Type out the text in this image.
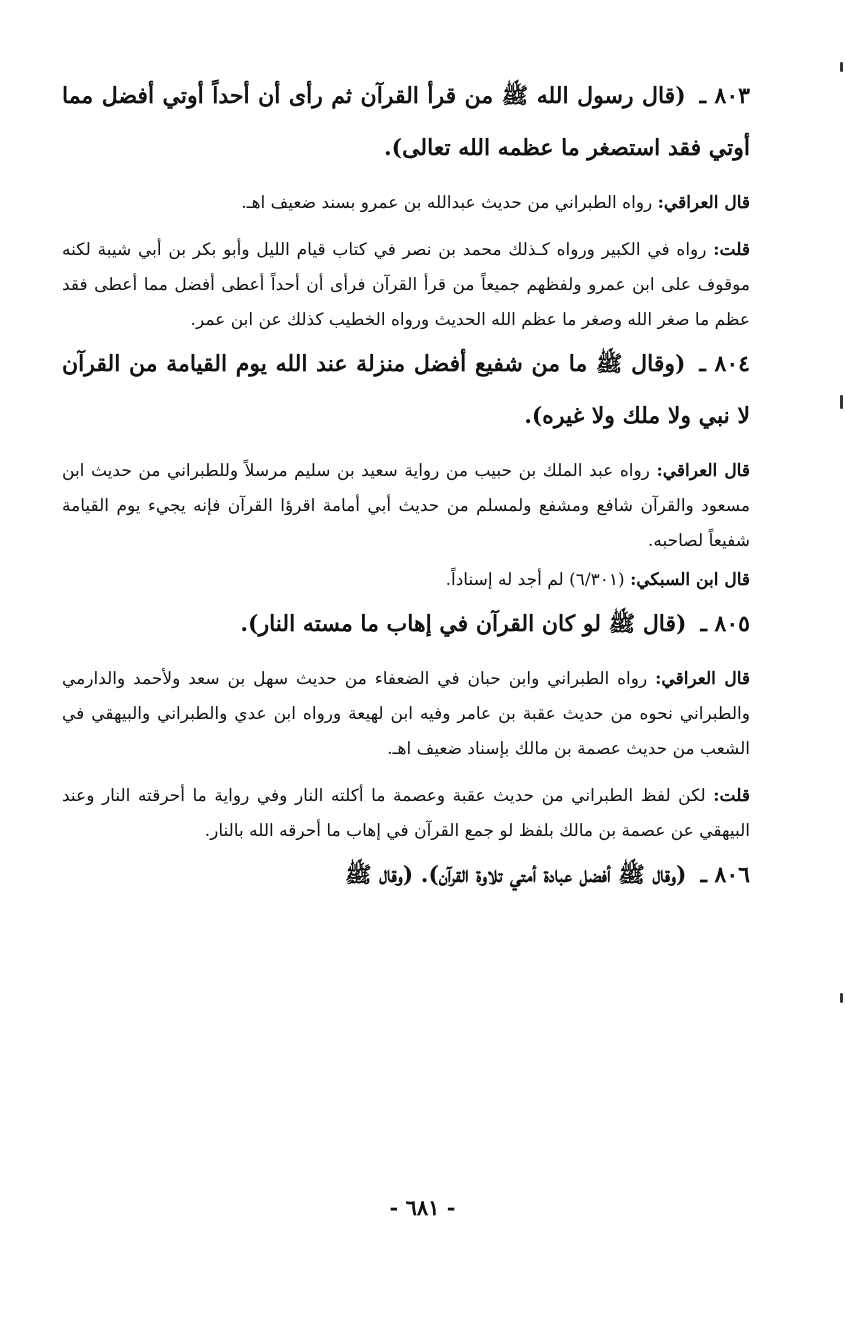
٨٠٣ ـ(قال رسول الله ﷺ من قرأ القرآن ثم رأى أن أحداً أوتي أفضل مما أوتي فقد استصغر ما عظمه الله تعالى).

قال العراقي: رواه الطبراني من حديث عبدالله بن عمرو بسند ضعيف اهـ.

قلت: رواه في الكبير ورواه كـذلك محمد بن نصر في كتاب قيام الليل وأبو بكر بن أبي شيبة لكنه موقوف على ابن عمرو ولفظهم جميعاً من قرأ القرآن فرأى أن أحداً أعطى أفضل مما أعطى فقد عظم ما صغر الله وصغر ما عظم الله الحديث ورواه الخطيب كذلك عن ابن عمر.

٨٠٤ ـ(وقال ﷺ ما من شفيع أفضل منزلة عند الله يوم القيامة من القرآن لا نبي ولا ملك ولا غيره).

قال العراقي: رواه عبد الملك بن حبيب من رواية سعيد بن سليم مرسلاً وللطبراني من حديث ابن مسعود والقرآن شافع ومشفع ولمسلم من حديث أبي أمامة اقرؤا القرآن فإنه يجيء يوم القيامة شفيعاً لصاحبه.

قال ابن السبكي: (٦/٣٠١) لم أجد له إسناداً.

٨٠٥ ـ(قال ﷺ لو كان القرآن في إهاب ما مسته النار).

قال العراقي: رواه الطبراني وابن حبان في الضعفاء من حديث سهل بن سعد ولأحمد والدارمي والطبراني نحوه من حديث عقبة بن عامر وفيه ابن لهيعة ورواه ابن عدي والطبراني والبيهقي في الشعب من حديث عصمة بن مالك بإسناد ضعيف اهـ.

قلت: لكن لفظ الطبراني من حديث عقبة وعصمة ما أكلته النار وفي رواية ما أحرقته النار وعند البيهقي عن عصمة بن مالك بلفظ لو جمع القرآن في إهاب ما أحرقه الله بالنار.

٨٠٦ ـ(وقال ﷺ أفضل عبادة أمتي تلاوة القرآن). (وقال ﷺ

- ٦٨١ -
